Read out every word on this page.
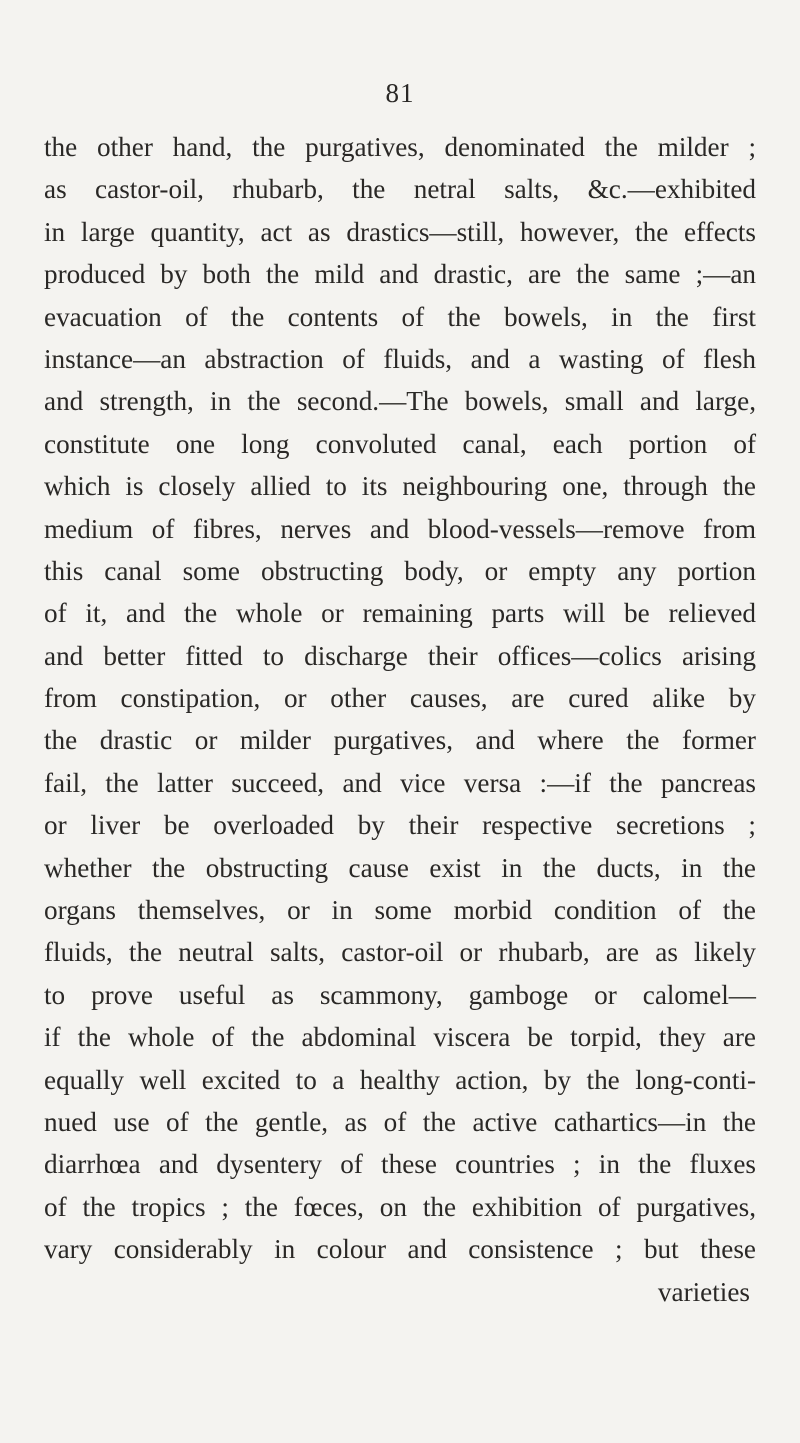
81
the other hand, the purgatives, denominated the milder ;
as castor-oil, rhubarb, the netral salts, &c.—exhibited
in large quantity, act as drastics—still, however, the effects
produced by both the mild and drastic, are the same ;—an
evacuation of the contents of the bowels, in the first
instance—an abstraction of fluids, and a wasting of flesh
and strength, in the second.—The bowels, small and large,
constitute one long convoluted canal, each portion of
which is closely allied to its neighbouring one, through the
medium of fibres, nerves and blood-vessels—remove from
this canal some obstructing body, or empty any portion
of it, and the whole or remaining parts will be relieved
and better fitted to discharge their offices—colics arising
from constipation, or other causes, are cured alike by
the drastic or milder purgatives, and where the former
fail, the latter succeed, and vice versa :—if the pancreas
or liver be overloaded by their respective secretions ;
whether the obstructing cause exist in the ducts, in the
organs themselves, or in some morbid condition of the
fluids, the neutral salts, castor-oil or rhubarb, are as likely
to prove useful as scammony, gamboge or calomel—
if the whole of the abdominal viscera be torpid, they are
equally well excited to a healthy action, by the long-conti-
nued use of the gentle, as of the active cathartics—in the
diarrhœa and dysentery of these countries ; in the fluxes
of the tropics ; the fœces, on the exhibition of purgatives,
vary considerably in colour and consistence ; but these
varieties
